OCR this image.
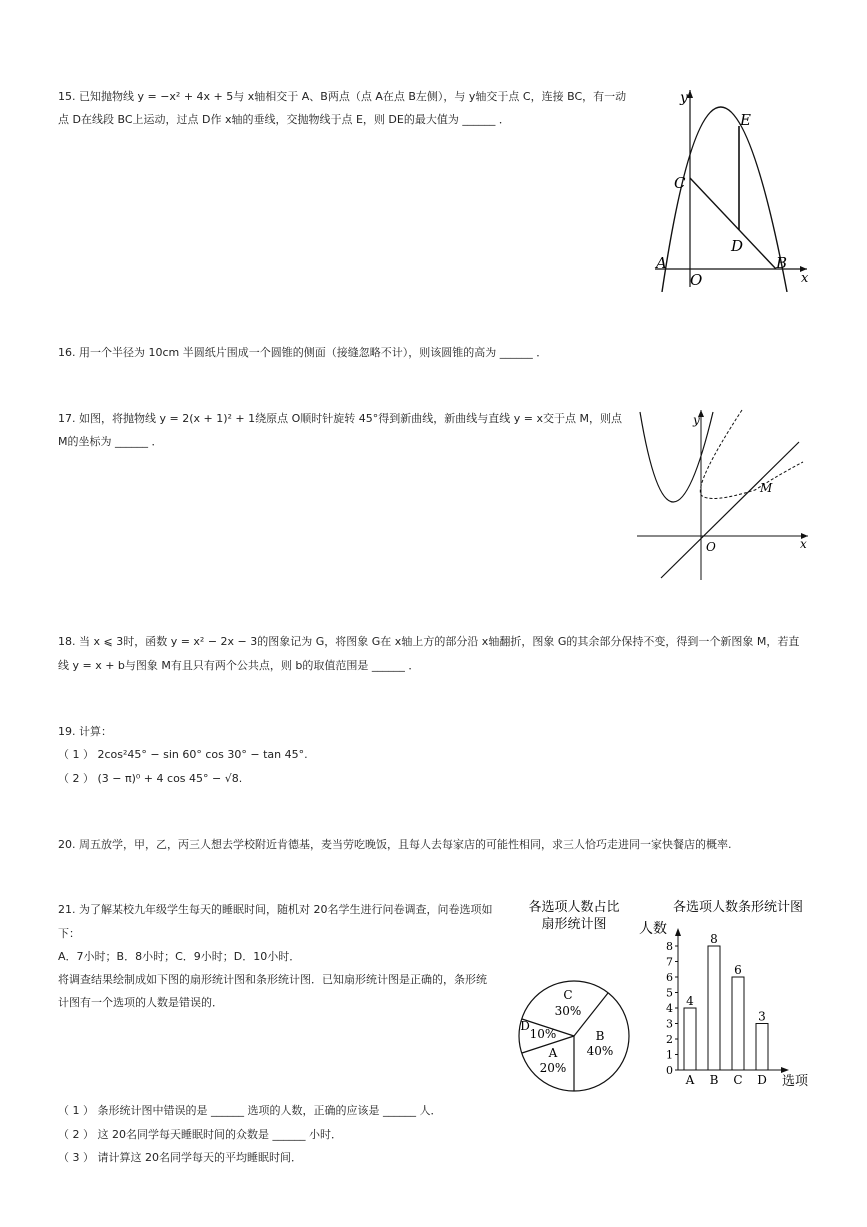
15. 已知抛物线 y = −x² + 4x + 5与 x轴相交于 A、B两点（点 A在点 B左侧），与 y轴交于点 C，连接 BC，有一动
点 D在线段 BC上运动，过点 D作 x轴的垂线，交抛物线于点 E，则 DE的最大值为 ______ ．
y
x
E
C
D
A
O
B
16. 用一个半径为 10cm 半圆纸片围成一个圆锥的侧面（接缝忽略不计），则该圆锥的高为 ______ ．
17. 如图，将抛物线 y = 2(x + 1)² + 1绕原点 O顺时针旋转 45°得到新曲线，新曲线与直线 y = x交于点 M，则点
M的坐标为 ______ ．
y
x
M
O
18. 当 x ⩽ 3时，函数 y = x² − 2x − 3的图象记为 G，将图象 G在 x轴上方的部分沿 x轴翻折，图象 G的其余部分保持不变，得到一个新图象 M，若直
线 y = x + b与图象 M有且只有两个公共点，则 b的取值范围是 ______ ．
19. 计算：
（ 1 ） 2cos²45° − sin 60° cos 30° − tan 45°.
（ 2 ） (3 − π)⁰ + 4 cos 45° − √8.
20. 周五放学，甲，乙，丙三人想去学校附近肯德基，麦当劳吃晚饭，且每人去每家店的可能性相同，求三人恰巧走进同一家快餐店的概率.
21. 为了解某校九年级学生每天的睡眠时间，随机对 20名学生进行问卷调查，问卷选项如
下：
A．7小时；B．8小时；C．9小时；D．10小时．
将调查结果绘制成如下图的扇形统计图和条形统计图．已知扇形统计图是正确的，条形统
计图有一个选项的人数是错误的．
（ 1 ） 条形统计图中错误的是 ______ 选项的人数，正确的应该是 ______ 人．
（ 2 ） 这 20名同学每天睡眠时间的众数是 ______ 小时．
（ 3 ） 请计算这 20名同学每天的平均睡眠时间．
各选项人数占比
扇形统计图
C
30%
B
40%
D
10%
A
20%
各选项人数条形统计图
人数
选项
0
1
2
3
4
5
6
7
8
4
A
8
B
6
C
3
D
